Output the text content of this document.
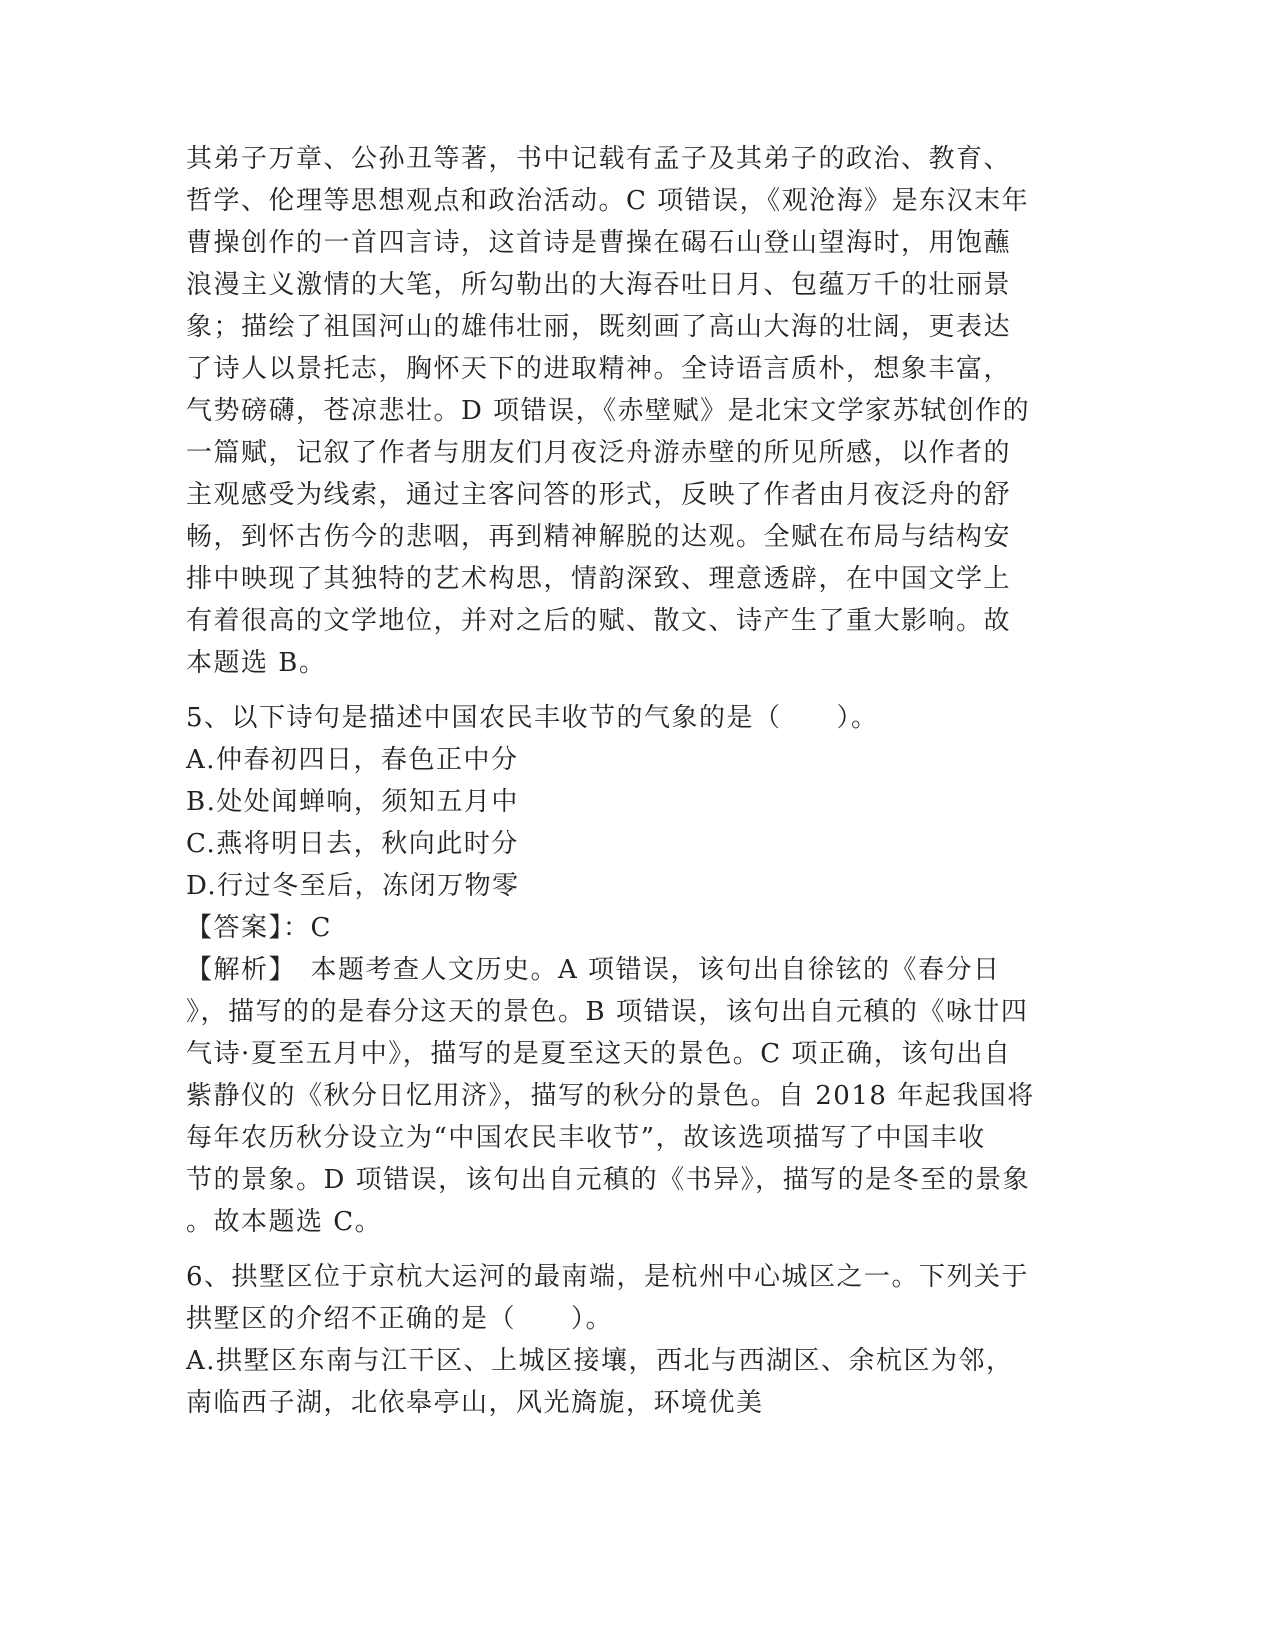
其弟子万章、公孙丑等著，书中记载有孟子及其弟子的政治、教育、
哲学、伦理等思想观点和政治活动。C 项错误，《观沧海》是东汉末年
曹操创作的一首四言诗，这首诗是曹操在碣石山登山望海时，用饱蘸
浪漫主义激情的大笔，所勾勒出的大海吞吐日月、包蕴万千的壮丽景
象；描绘了祖国河山的雄伟壮丽，既刻画了高山大海的壮阔，更表达
了诗人以景托志，胸怀天下的进取精神。全诗语言质朴，想象丰富，
气势磅礴，苍凉悲壮。D 项错误，《赤壁赋》是北宋文学家苏轼创作的
一篇赋，记叙了作者与朋友们月夜泛舟游赤壁的所见所感，以作者的
主观感受为线索，通过主客问答的形式，反映了作者由月夜泛舟的舒
畅，到怀古伤今的悲咽，再到精神解脱的达观。全赋在布局与结构安
排中映现了其独特的艺术构思，情韵深致、理意透辟，在中国文学上
有着很高的文学地位，并对之后的赋、散文、诗产生了重大影响。故
本题选 B。
5、以下诗句是描述中国农民丰收节的气象的是（　　）。
A.仲春初四日，春色正中分
B.处处闻蝉响，须知五月中
C.燕将明日去，秋向此时分
D.行过冬至后，冻闭万物零
【答案】：C
【解析】　本题考查人文历史。A 项错误，该句出自徐铉的《春分日
》，描写的的是春分这天的景色。B 项错误，该句出自元稹的《咏廿四
气诗·夏至五月中》，描写的是夏至这天的景色。C 项正确，该句出自
紫静仪的《秋分日忆用济》，描写的秋分的景色。自 2018 年起我国将
每年农历秋分设立为“中国农民丰收节”，故该选项描写了中国丰收
节的景象。D 项错误，该句出自元稹的《书异》，描写的是冬至的景象
。故本题选 C。
6、拱墅区位于京杭大运河的最南端，是杭州中心城区之一。下列关于
拱墅区的介绍不正确的是（　　）。
A.拱墅区东南与江干区、上城区接壤，西北与西湖区、余杭区为邻，
南临西子湖，北依皋亭山，风光旖旎，环境优美
